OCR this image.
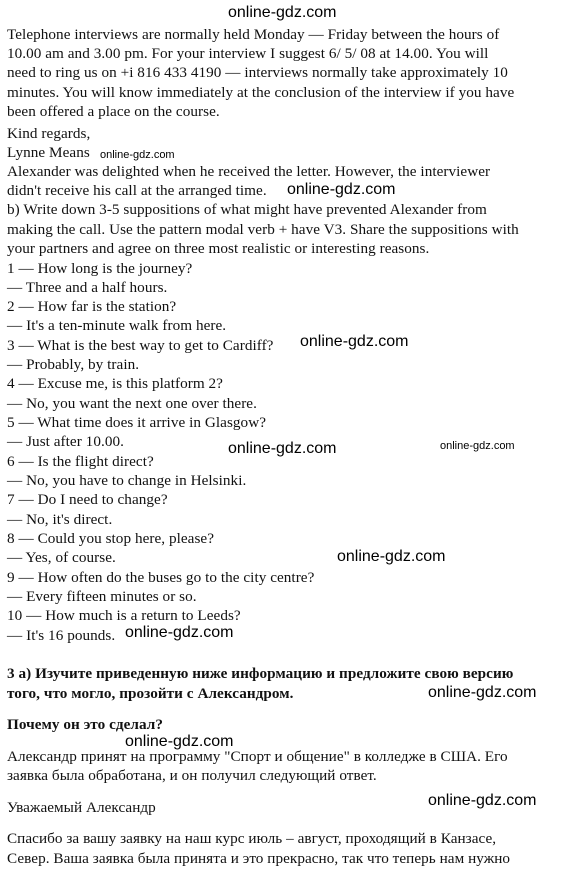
Telephone interviews are normally held Monday — Friday between the hours of
10.00 am and 3.00 pm. For your interview I suggest 6/ 5/ 08 at 14.00. You will
need to ring us on +i 816 433 4190 — interviews normally take approximately 10
minutes. You will know immediately at the conclusion of the interview if you have
been offered a place on the course.
Kind regards,
Lynne Means
Alexander was delighted when he received the letter. However, the interviewer
didn't receive his call at the arranged time.
b) Write down 3-5 suppositions of what might have prevented Alexander from
making the call. Use the pattern modal verb + have V3. Share the suppositions with
your partners and agree on three most realistic or interesting reasons.
1 — How long is the journey?
— Three and a half hours.
2 — How far is the station?
— It's a ten-minute walk from here.
3 — What is the best way to get to Cardiff?
— Probably, by train.
4 — Excuse me, is this platform 2?
— No, you want the next one over there.
5 — What time does it arrive in Glasgow?
— Just after 10.00.
6 — Is the flight direct?
— No, you have to change in Helsinki.
7 — Do I need to change?
— No, it's direct.
8 — Could you stop here, please?
— Yes, of course.
9 — How often do the buses go to the city centre?
— Every fifteen minutes or so.
10 — How much is a return to Leeds?
— It's 16 pounds.
3 а) Изучите приведенную ниже информацию и предложите свою версию
того, что могло, прозойти с Александром.
Почему он это сделал?
Александр принят на программу "Спорт и общение" в колледже в США. Его
заявка была обработана, и он получил следующий ответ.
Уважаемый Александр
Спасибо за вашу заявку на наш курс июль – август, проходящий в Канзасе,
Север. Ваша заявка была принята и это прекрасно, так что теперь нам нужно
online-gdz.com
online-gdz.com
online-gdz.com
online-gdz.com
online-gdz.com	online-gdz.com
online-gdz.com
online-gdz.com
online-gdz.com
online-gdz.com
online-gdz.com
